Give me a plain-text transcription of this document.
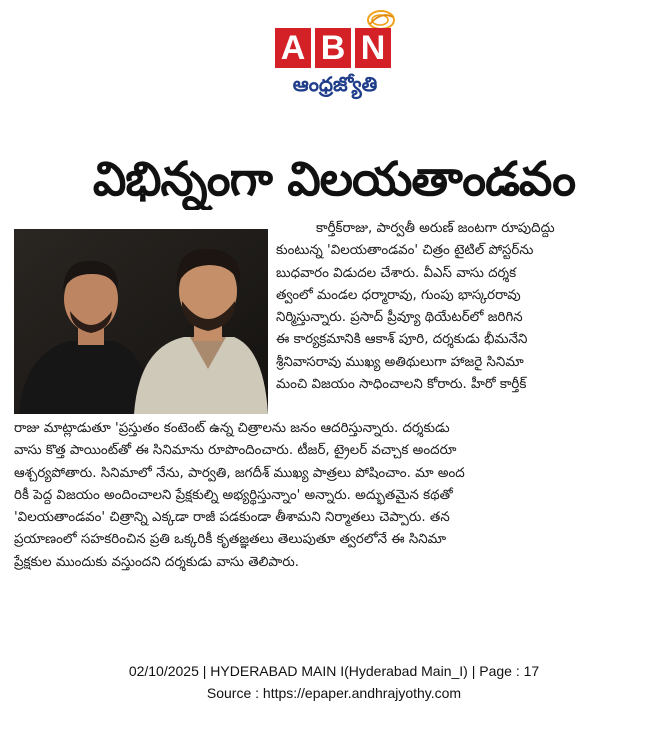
A B N
ఆంధ్రజ్యోతి
విభిన్నంగా విలయతాండవం
కార్తీక్‌రాజు, పార్వతీ అరుణ్ జంటగా రూపుదిద్దు
కుంటున్న 'విలయతాండవం' చిత్రం టైటిల్ పోస్టర్‌ను
బుధవారం విడుదల చేశారు. వీఎస్ వాసు దర్శక
త్వంలో మండల ధర్మారావు, గుంపు భాస్కరరావు
నిర్మిస్తున్నారు. ప్రసాద్ ప్రీవ్యూ థియేటర్‌లో జరిగిన
ఈ కార్యక్రమానికి ఆకాశ్ పూరి, దర్శకుడు భీమనేని
శ్రీనివాసరావు ముఖ్య అతిథులుగా హాజరై సినిమా
మంచి విజయం సాధించాలని కోరారు. హీరో కార్తీక్
రాజు మాట్లాడుతూ 'ప్రస్తుతం కంటెంట్ ఉన్న చిత్రాలను జనం ఆదరిస్తున్నారు. దర్శకుడు
వాసు కొత్త పాయింట్‌తో ఈ సినిమాను రూపొందించారు. టీజర్, ట్రైలర్ వచ్చాక అందరూ
ఆశ్చర్యపోతారు. సినిమాలో నేను, పార్వతి, జగదీశ్ ముఖ్య పాత్రలు పోషించాం. మా అంద
రికీ పెద్ద విజయం అందించాలని ప్రేక్షకుల్ని అభ్యర్థిస్తున్నాం' అన్నారు. అద్భుతమైన కథతో
'విలయతాండవం' చిత్రాన్ని ఎక్కడా రాజీ పడకుండా తీశామని నిర్మాతలు చెప్పారు. తన
ప్రయాణంలో సహకరించిన ప్రతి ఒక్కరికీ కృతజ్ఞతలు తెలుపుతూ త్వరలోనే ఈ సినిమా
ప్రేక్షకుల ముందుకు వస్తుందని దర్శకుడు వాసు తెలిపారు.
02/10/2025 | HYDERABAD MAIN I(Hyderabad Main_I) | Page : 17
Source : https://epaper.andhrajyothy.com
